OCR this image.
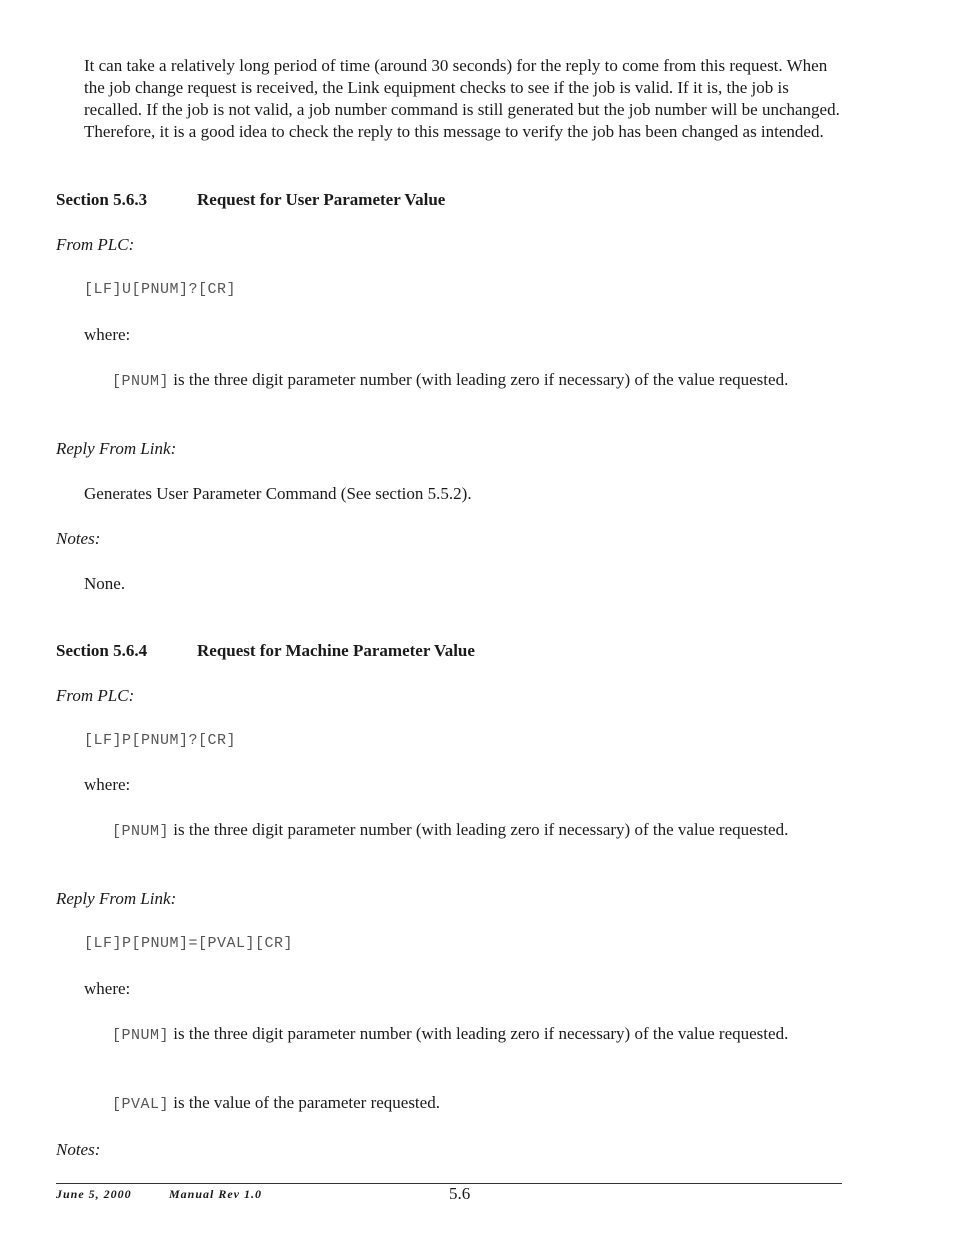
It can take a relatively long period of time (around 30 seconds) for the reply to come from this request. When the job change request is received, the Link equipment checks to see if the job is valid. If it is, the job is recalled. If the job is not valid, a job number command is still generated but the job number will be unchanged. Therefore, it is a good idea to check the reply to this message to verify the job has been changed as intended.

Section 5.6.3	Request for User Parameter Value
From PLC:
[LF]U[PNUM]?[CR]
where:
[PNUM] is the three digit parameter number (with leading zero if necessary) of the value requested.
Reply From Link:
Generates User Parameter Command (See section 5.5.2).
Notes:
None.
Section 5.6.4	Request for Machine Parameter Value
From PLC:
[LF]P[PNUM]?[CR]
where:
[PNUM] is the three digit parameter number (with leading zero if necessary) of the value requested.
Reply From Link:
[LF]P[PNUM]=[PVAL][CR]
where:
[PNUM] is the three digit parameter number (with leading zero if necessary) of the value requested.
[PVAL] is the value of the parameter requested.
Notes:
June 5, 2000	Manual Rev 1.0	5.6
